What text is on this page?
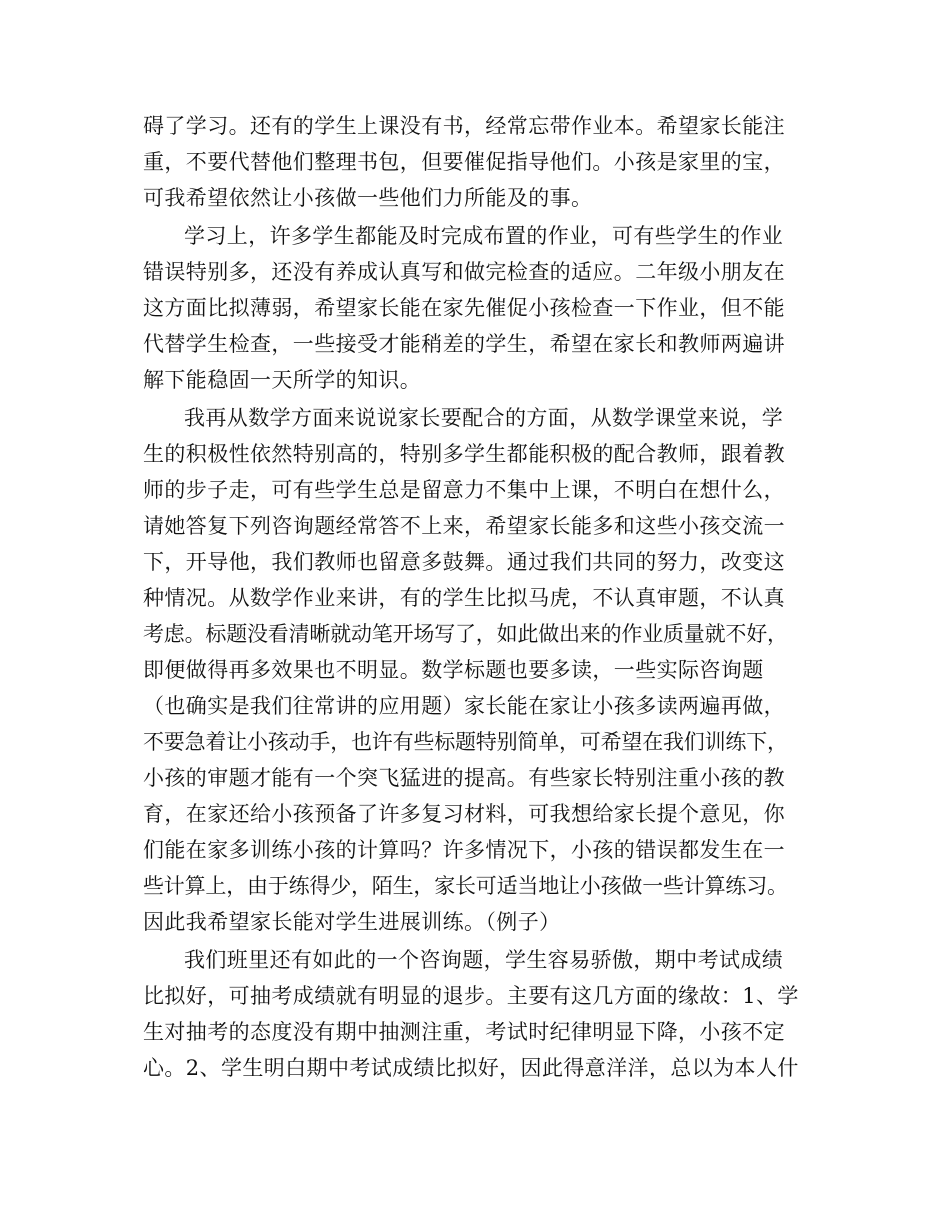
碍了学习。还有的学生上课没有书，经常忘带作业本。希望家长能注
重，不要代替他们整理书包，但要催促指导他们。小孩是家里的宝，
可我希望依然让小孩做一些他们力所能及的事。
学习上，许多学生都能及时完成布置的作业，可有些学生的作业
错误特别多，还没有养成认真写和做完检查的适应。二年级小朋友在
这方面比拟薄弱，希望家长能在家先催促小孩检查一下作业，但不能
代替学生检查，一些接受才能稍差的学生，希望在家长和教师两遍讲
解下能稳固一天所学的知识。
我再从数学方面来说说家长要配合的方面，从数学课堂来说，学
生的积极性依然特别高的，特别多学生都能积极的配合教师，跟着教
师的步子走，可有些学生总是留意力不集中上课，不明白在想什么，
请她答复下列咨询题经常答不上来，希望家长能多和这些小孩交流一
下，开导他，我们教师也留意多鼓舞。通过我们共同的努力，改变这
种情况。从数学作业来讲，有的学生比拟马虎，不认真审题，不认真
考虑。标题没看清晰就动笔开场写了，如此做出来的作业质量就不好，
即便做得再多效果也不明显。数学标题也要多读，一些实际咨询题
（也确实是我们往常讲的应用题）家长能在家让小孩多读两遍再做，
不要急着让小孩动手，也许有些标题特别简单，可希望在我们训练下，
小孩的审题才能有一个突飞猛进的提高。有些家长特别注重小孩的教
育，在家还给小孩预备了许多复习材料，可我想给家长提个意见，你
们能在家多训练小孩的计算吗？许多情况下，小孩的错误都发生在一
些计算上，由于练得少，陌生，家长可适当地让小孩做一些计算练习。
因此我希望家长能对学生进展训练。（例子）
我们班里还有如此的一个咨询题，学生容易骄傲，期中考试成绩
比拟好，可抽考成绩就有明显的退步。主要有这几方面的缘故：1、学
生对抽考的态度没有期中抽测注重，考试时纪律明显下降，小孩不定
心。2、学生明白期中考试成绩比拟好，因此得意洋洋，总以为本人什
